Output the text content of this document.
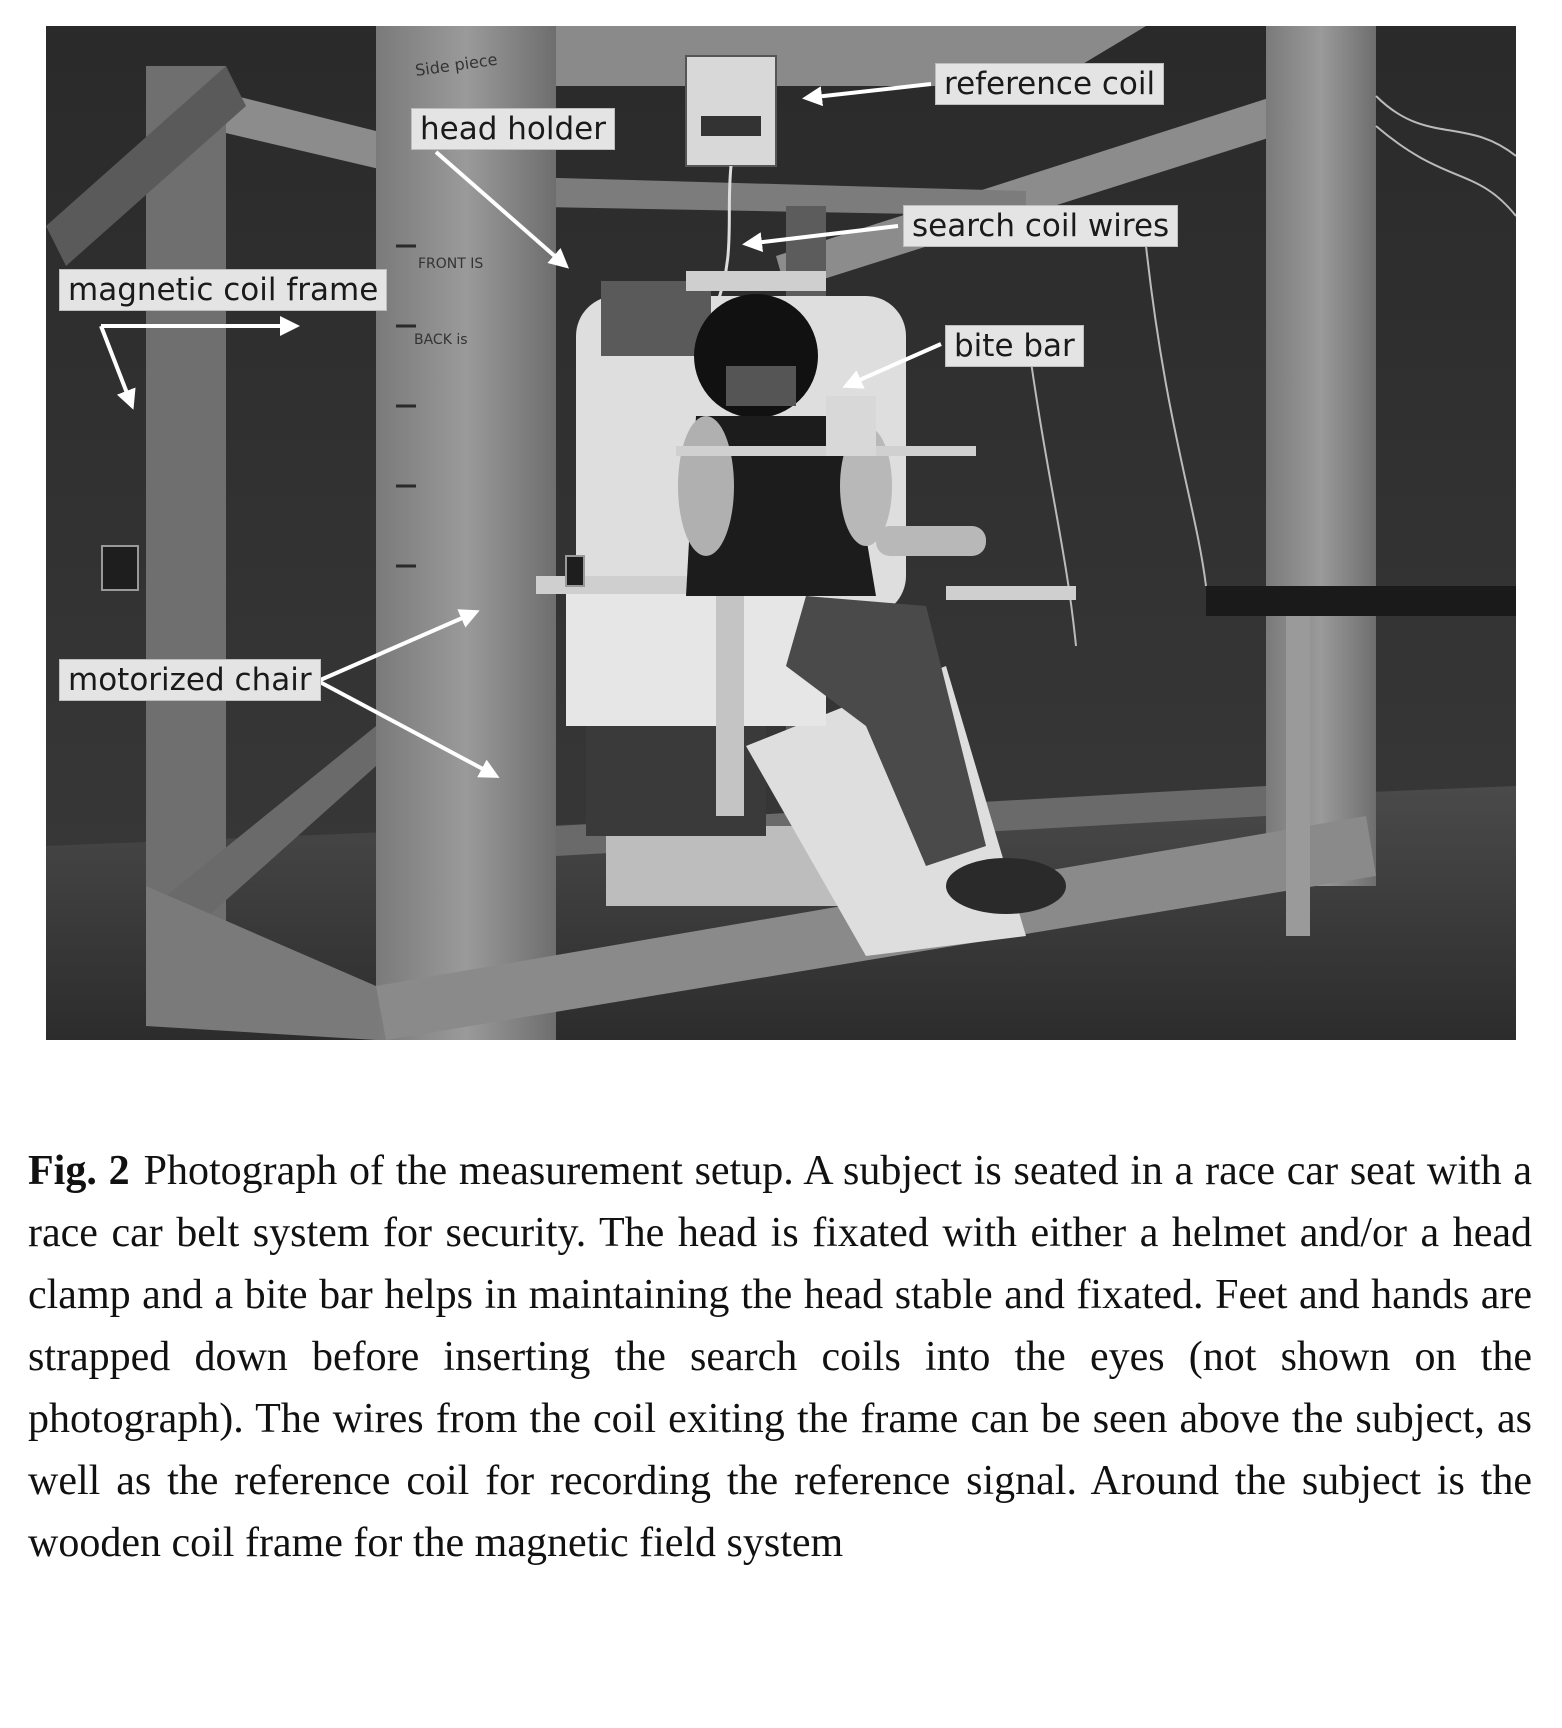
Side piece
FRONT IS
BACK is
reference coil
head holder
search coil wires
magnetic coil frame
bite bar
motorized chair
Fig. 2 Photograph of the measurement setup. A subject is seated in a race car seat with a race car belt system for security. The head is fixated with either a helmet and/or a head clamp and a bite bar helps in maintaining the head stable and fixated. Feet and hands are strapped down before inserting the search coils into the eyes (not shown on the photograph). The wires from the coil exiting the frame can be seen above the subject, as well as the reference coil for recording the reference signal. Around the subject is the wooden coil frame for the magnetic field system
